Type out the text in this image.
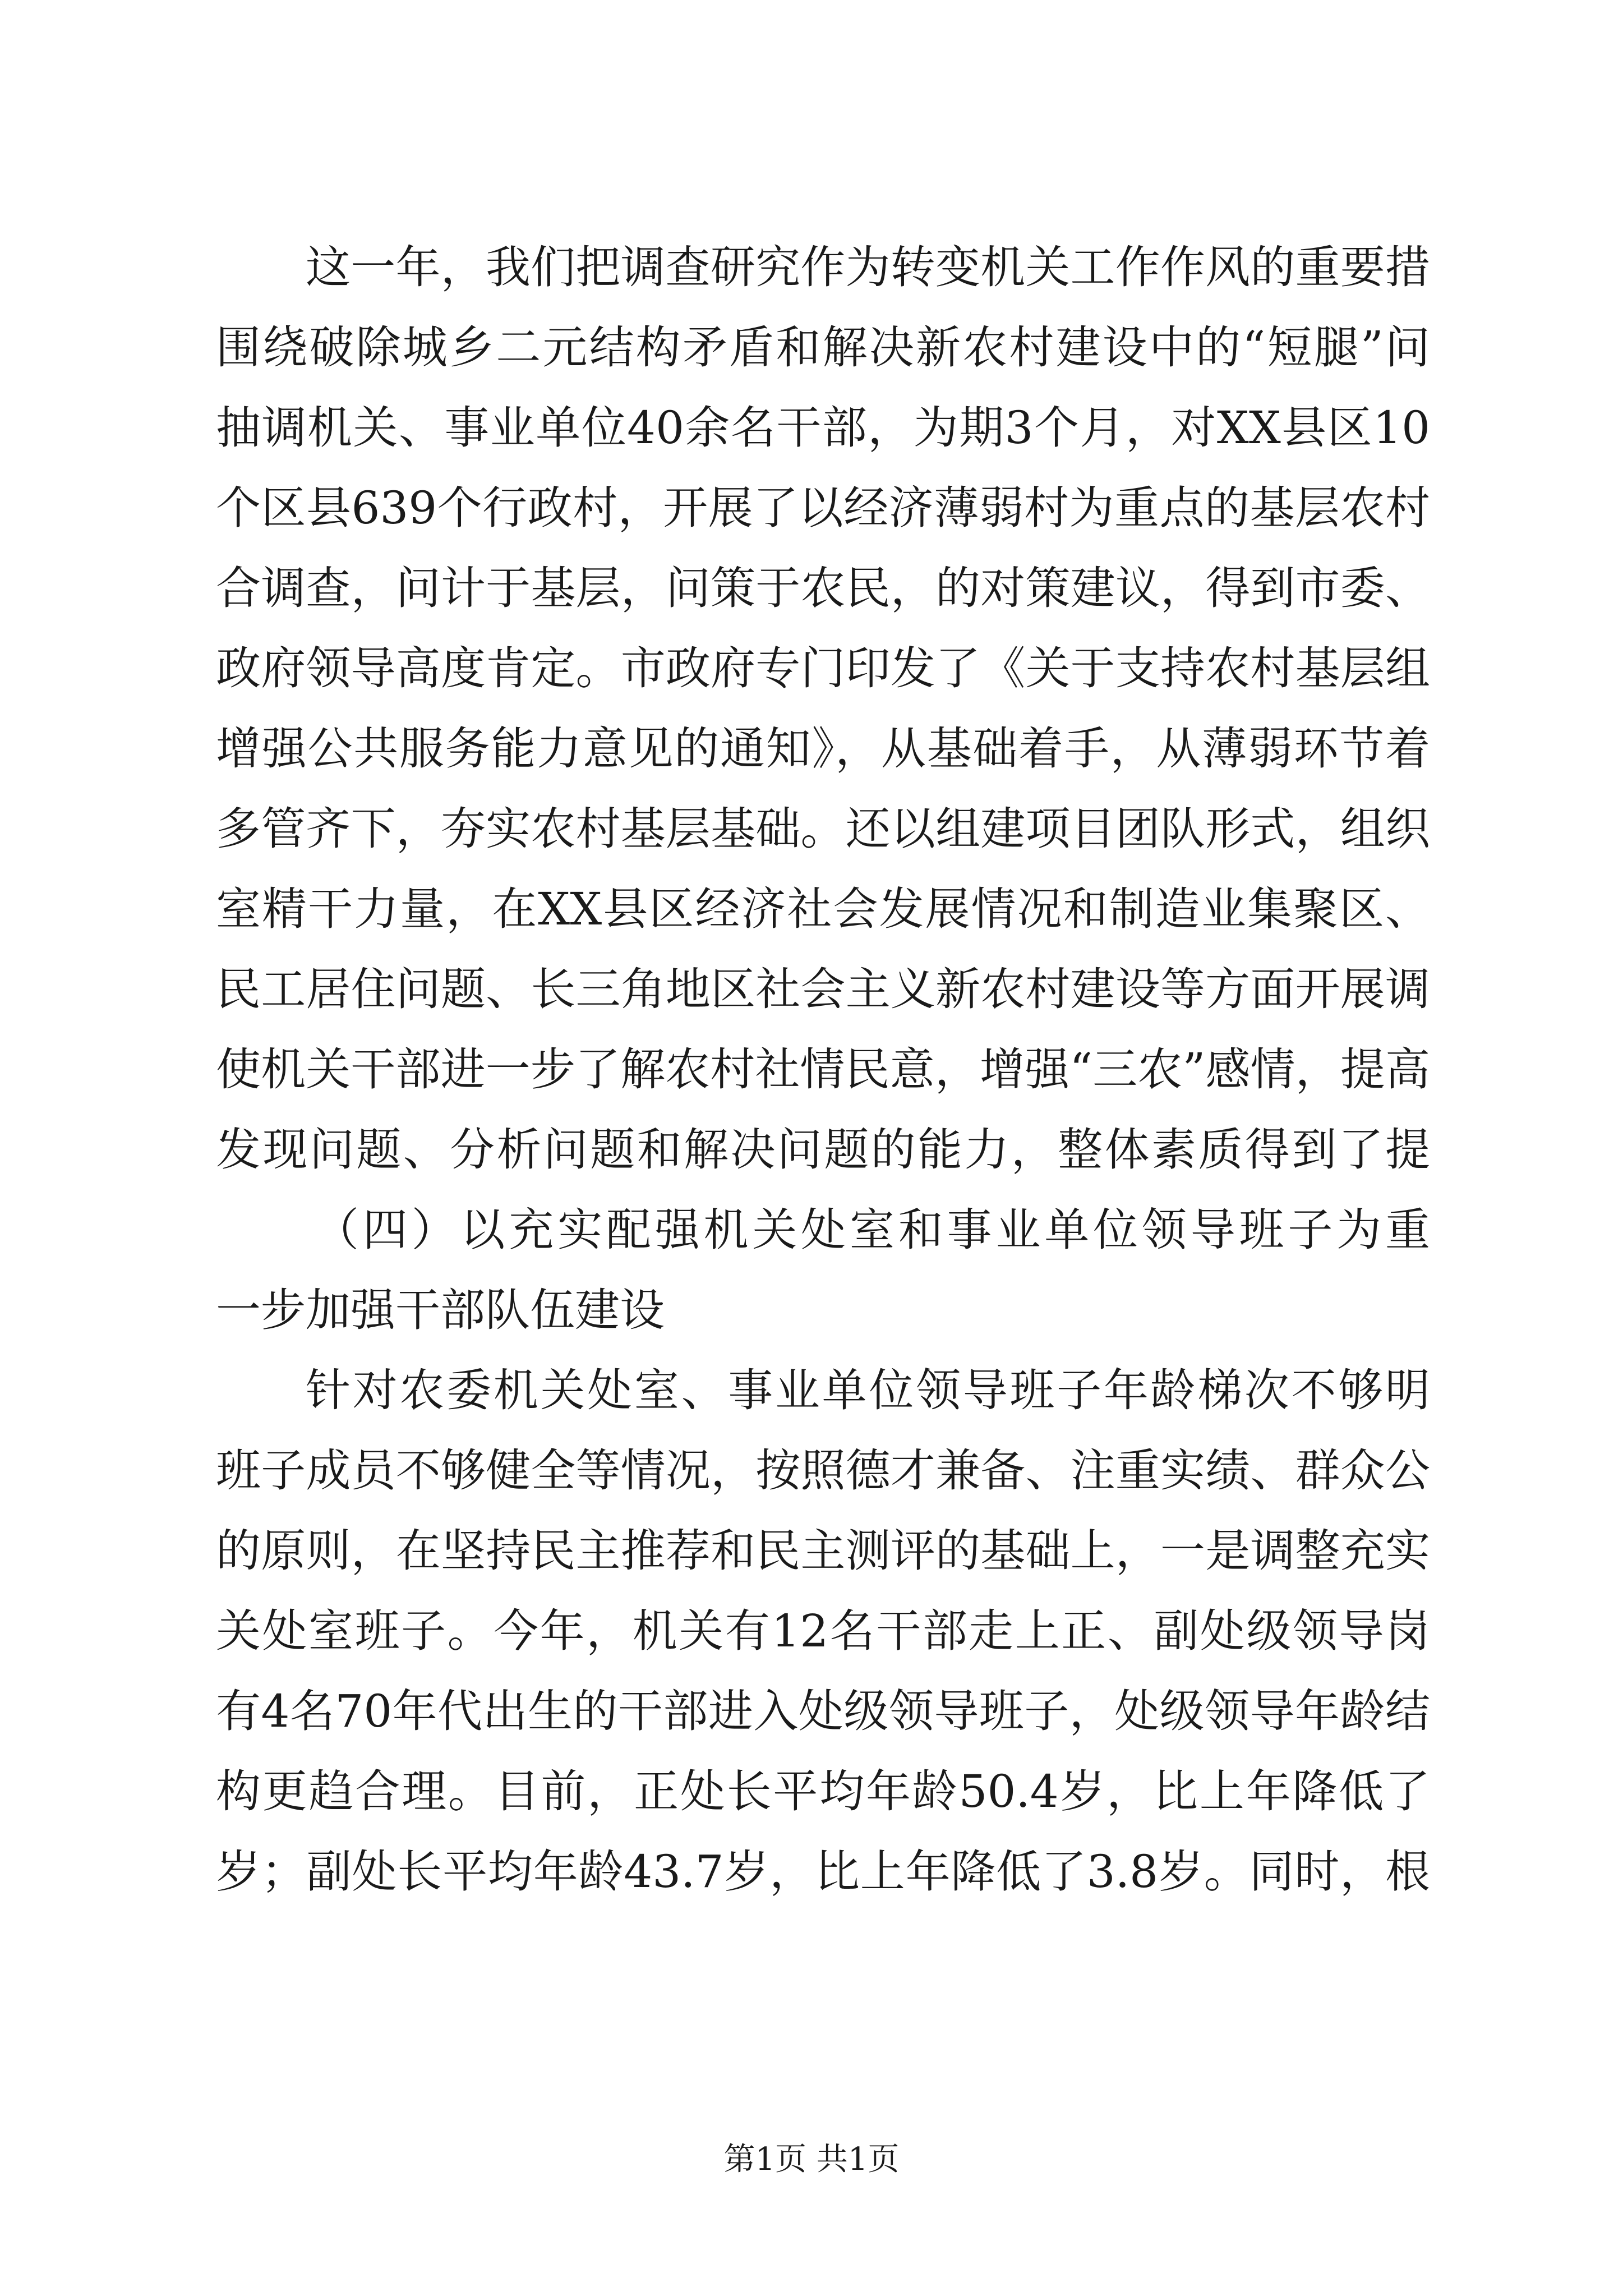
这一年，我们把调查研究作为转变机关工作作风的重要措
围绕破除城乡二元结构矛盾和解决新农村建设中的“短腿”问
抽调机关、事业单位40余名干部，为期3个月，对XX县区10
个区县639个行政村，开展了以经济薄弱村为重点的基层农村
合调查，问计于基层，问策于农民，的对策建议，得到市委、
政府领导高度肯定。市政府专门印发了《关于支持农村基层组
增强公共服务能力意见的通知》，从基础着手，从薄弱环节着
多管齐下，夯实农村基层基础。还以组建项目团队形式，组织
室精干力量，在XX县区经济社会发展情况和制造业集聚区、
民工居住问题、长三角地区社会主义新农村建设等方面开展调
使机关干部进一步了解农村社情民意，增强“三农”感情，提高
发现问题、分析问题和解决问题的能力，整体素质得到了提
（四）以充实配强机关处室和事业单位领导班子为重
一步加强干部队伍建设
针对农委机关处室、事业单位领导班子年龄梯次不够明
班子成员不够健全等情况，按照德才兼备、注重实绩、群众公
的原则，在坚持民主推荐和民主测评的基础上，一是调整充实
关处室班子。今年，机关有12名干部走上正、副处级领导岗
有4名70年代出生的干部进入处级领导班子，处级领导年龄结
构更趋合理。目前，正处长平均年龄50.4岁，比上年降低了
岁；副处长平均年龄43.7岁，比上年降低了3.8岁。同时，根
第1页 共1页
